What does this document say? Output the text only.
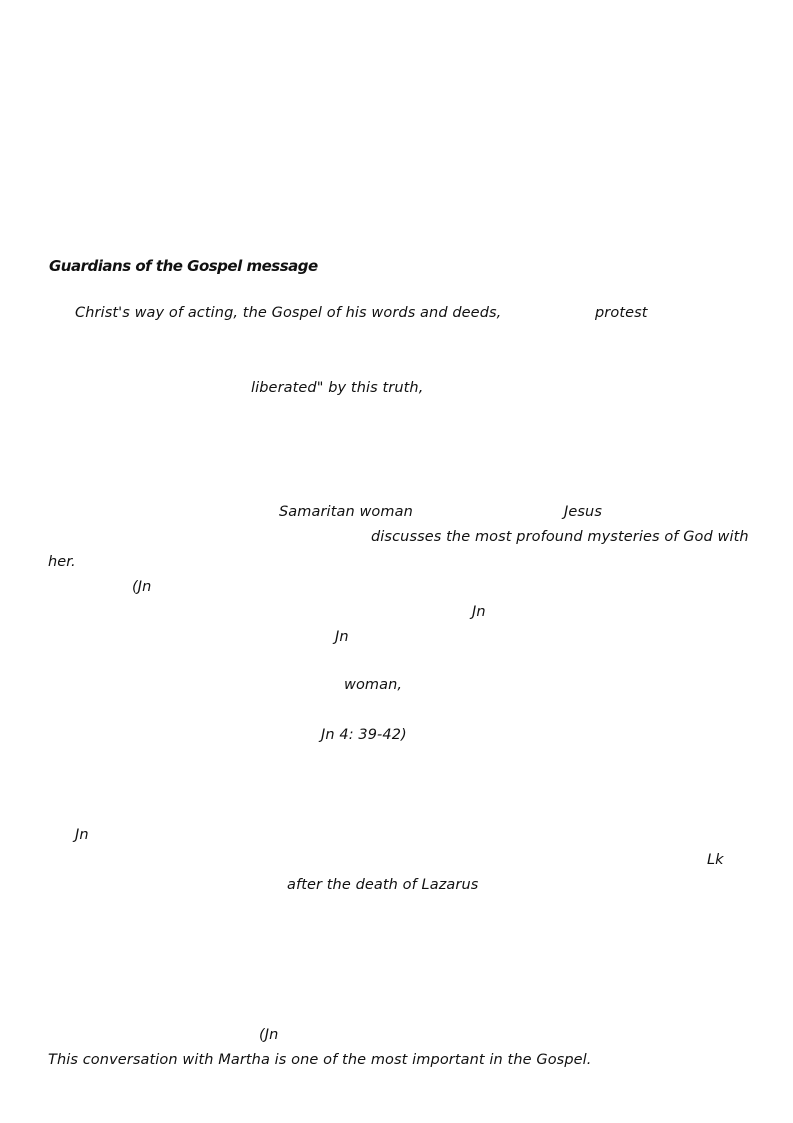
Guardians of the Gospel message
Christ's way of acting, the Gospel of his words and deeds,	protest
liberated" by this truth,
Samaritan woman	Jesus
discusses the most profound mysteries of God with
her.
(Jn
Jn
Jn
woman,
Jn 4: 39-42)
Jn
Lk
after the death of Lazarus
(Jn
This conversation with Martha is one of the most important in the Gospel.
